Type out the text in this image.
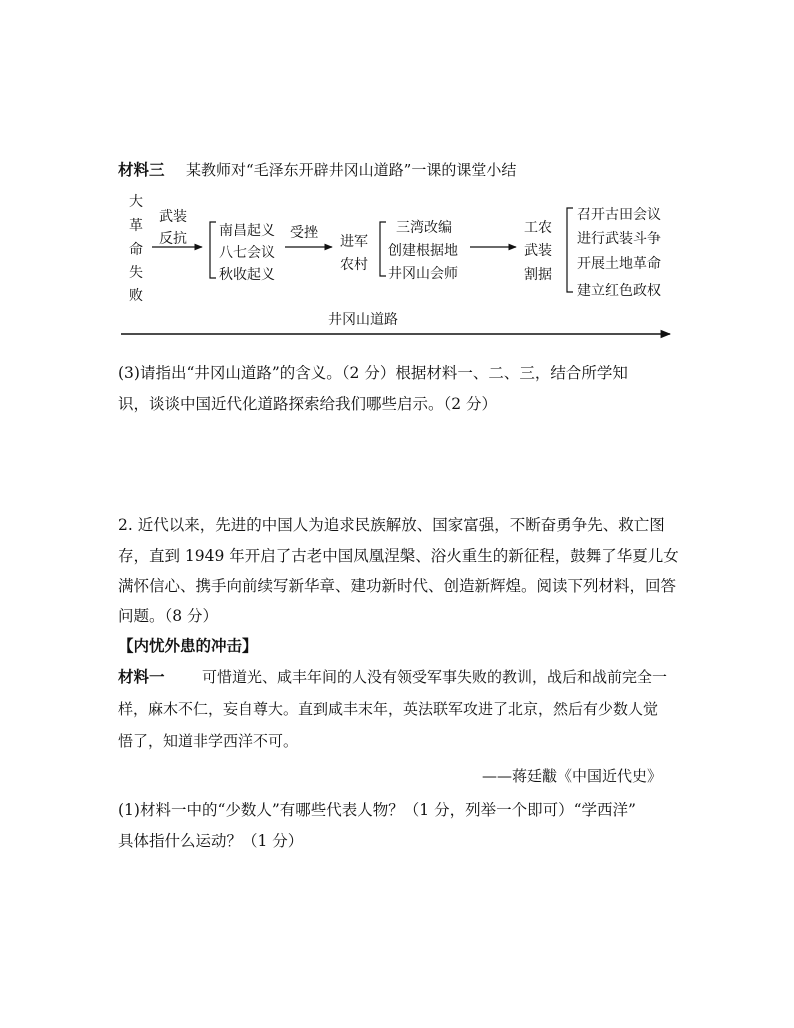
材料三 某教师对“毛泽东开辟井冈山道路”一课的课堂小结
大
革
命
失
败
武装
反抗 南昌起义
八七会议
秋收起义
受挫
进军
农村
三湾改编
创建根据地
井冈山会师
工农
武装
割据
召开古田会议
进行武装斗争
开展土地革命
建立红色政权
井冈山道路
(3)请指出“井冈山道路”的含义。（2 分）根据材料一、二、三，结合所学知
识，谈谈中国近代化道路探索给我们哪些启示。（2 分）
2. 近代以来，先进的中国人为追求民族解放、国家富强，不断奋勇争先、救亡图
存，直到 1949 年开启了古老中国凤凰涅槃、浴火重生的新征程，鼓舞了华夏儿女
满怀信心、携手向前续写新华章、建功新时代、创造新辉煌。阅读下列材料，回答
问题。（8 分）
【内忧外患的冲击】
材料一 可惜道光、咸丰年间的人没有领受军事失败的教训，战后和战前完全一
样，麻木不仁，妄自尊大。直到咸丰末年，英法联军攻进了北京，然后有少数人觉
悟了，知道非学西洋不可。
——蒋廷黻《中国近代史》
(1)材料一中的“少数人”有哪些代表人物？（1 分，列举一个即可）“学西洋”
具体指什么运动？（1 分）
